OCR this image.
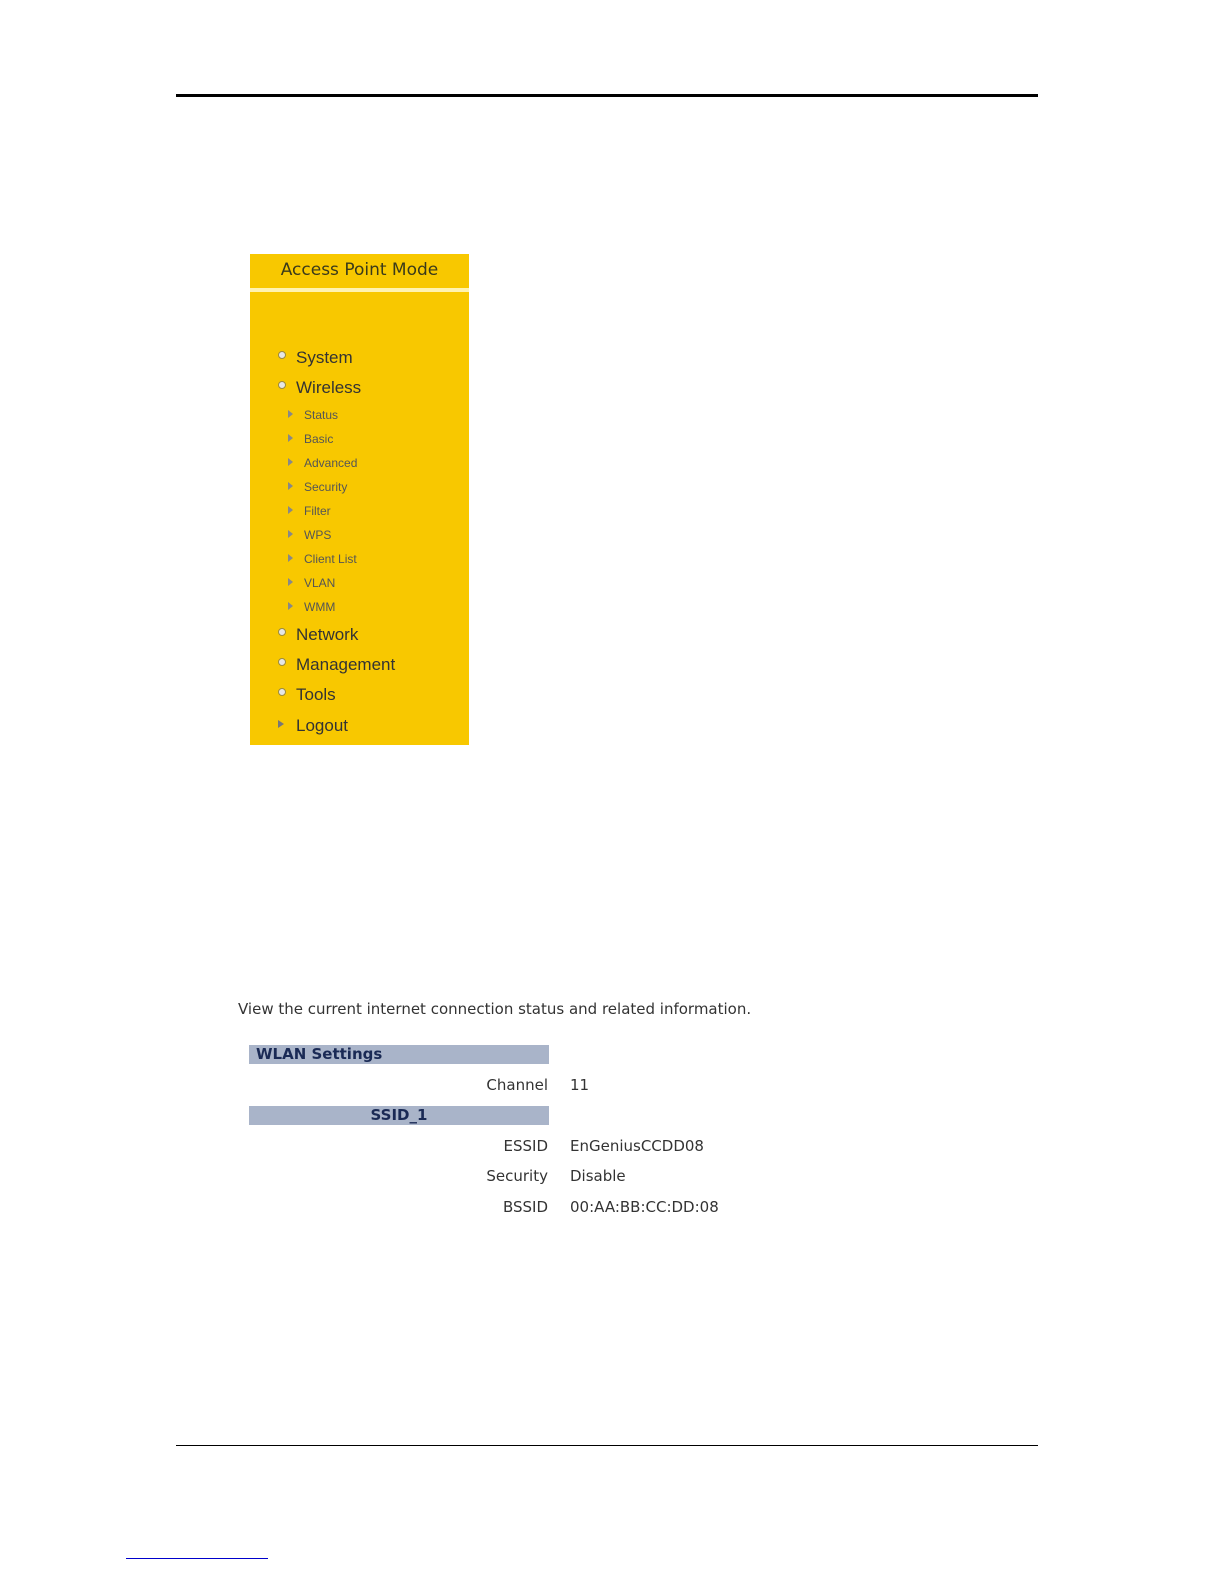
Access Point Mode
System
Wireless
Status
Basic
Advanced
Security
Filter
WPS
Client List
VLAN
WMM
Network
Management
Tools
Logout
View the current internet connection status and related information.
WLAN Settings
Channel 11
SSID_1
ESSID EnGeniusCCDD08
Security Disable
BSSID 00:AA:BB:CC:DD:08
